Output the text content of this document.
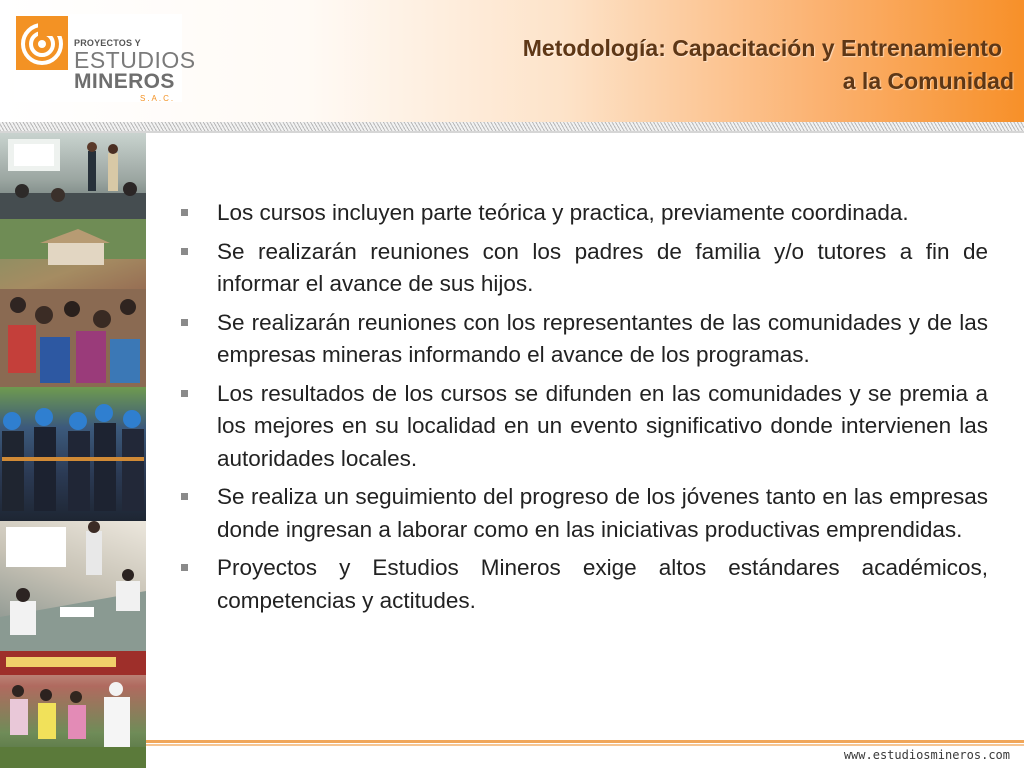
PROYECTOS Y
ESTUDIOS
MINEROS
S.A.C.
Metodología: Capacitación y Entrenamiento
a la Comunidad
Los cursos incluyen parte teórica y practica, previamente coordinada.
Se realizarán reuniones con los padres de familia y/o tutores a fin de informar el avance de sus hijos.
Se realizarán reuniones con los representantes de las comunidades y de las empresas mineras informando el avance de los programas.
Los resultados de los cursos se difunden en las comunidades y se premia a los mejores en su localidad en un evento significativo donde intervienen las autoridades locales.
Se realiza un seguimiento del progreso de los jóvenes tanto en las empresas donde ingresan a laborar como en las iniciativas productivas emprendidas.
Proyectos y Estudios Mineros exige altos estándares académicos, competencias y actitudes.
www.estudiosmineros.com
